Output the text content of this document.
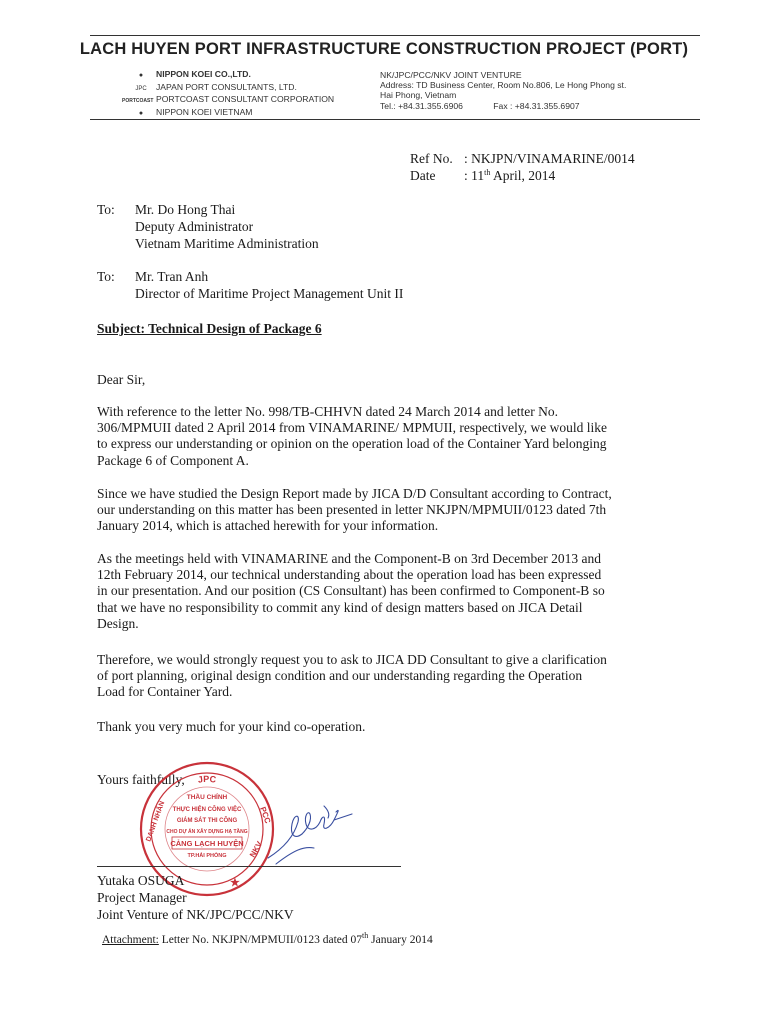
LACH HUYEN PORT INFRASTRUCTURE CONSTRUCTION PROJECT (PORT)
● NIPPON KOEI CO.,LTD.
JPC JAPAN PORT CONSULTANTS, LTD.
PORTCOAST PORTCOAST CONSULTANT CORPORATION
● NIPPON KOEI VIETNAM
NK/JPC/PCC/NKV JOINT VENTURE
Address: TD Business Center, Room No.806, Le Hong Phong st.
Hai Phong, Vietnam
Tel.: +84.31.355.6906	Fax : +84.31.355.6907
Ref No. : NKJPN/VINAMARINE/0014
Date : 11th April, 2014
To: Mr. Do Hong Thai
Deputy Administrator
Vietnam Maritime Administration
To: Mr. Tran Anh
Director of Maritime Project Management Unit II
Subject: Technical Design of Package 6
Dear Sir,
With reference to the letter No. 998/TB-CHHVN dated 24 March 2014 and letter No.
306/MPMUII dated 2 April 2014 from VINAMARINE/ MPMUII, respectively, we would like
to express our understanding or opinion on the operation load of the Container Yard belonging
Package 6 of Component A.
Since we have studied the Design Report made by JICA D/D Consultant according to Contract,
our understanding on this matter has been presented in letter NKJPN/MPMUII/0123 dated 7th
January 2014, which is attached herewith for your information.
As the meetings held with VINAMARINE and the Component-B on 3rd December 2013 and
12th February 2014, our technical understanding about the operation load has been expressed
in our presentation. And our position (CS Consultant) has been confirmed to Component-B so
that we have no responsibility to commit any kind of design matters based on JICA Detail
Design.
Therefore, we would strongly request you to ask to JICA DD Consultant to give a clarification
of port planning, original design condition and our understanding regarding the Operation
Load for Container Yard.
Thank you very much for your kind co-operation.
Yours faithfully, JPC
DANH NHÂN	PCC
NKV
THẦU CHÍNH
THỰC HIỆN CÔNG VIỆC
GIÁM SÁT THI CÔNG
CHO DỰ ÁN XÂY DỰNG HẠ TẦNG
CẢNG LẠCH HUYỆN
TP.HẢI PHÒNG
★
Yutaka OSUGA
Project Manager
Joint Venture of NK/JPC/PCC/NKV
Attachment: Letter No. NKJPN/MPMUII/0123 dated 07th January 2014
